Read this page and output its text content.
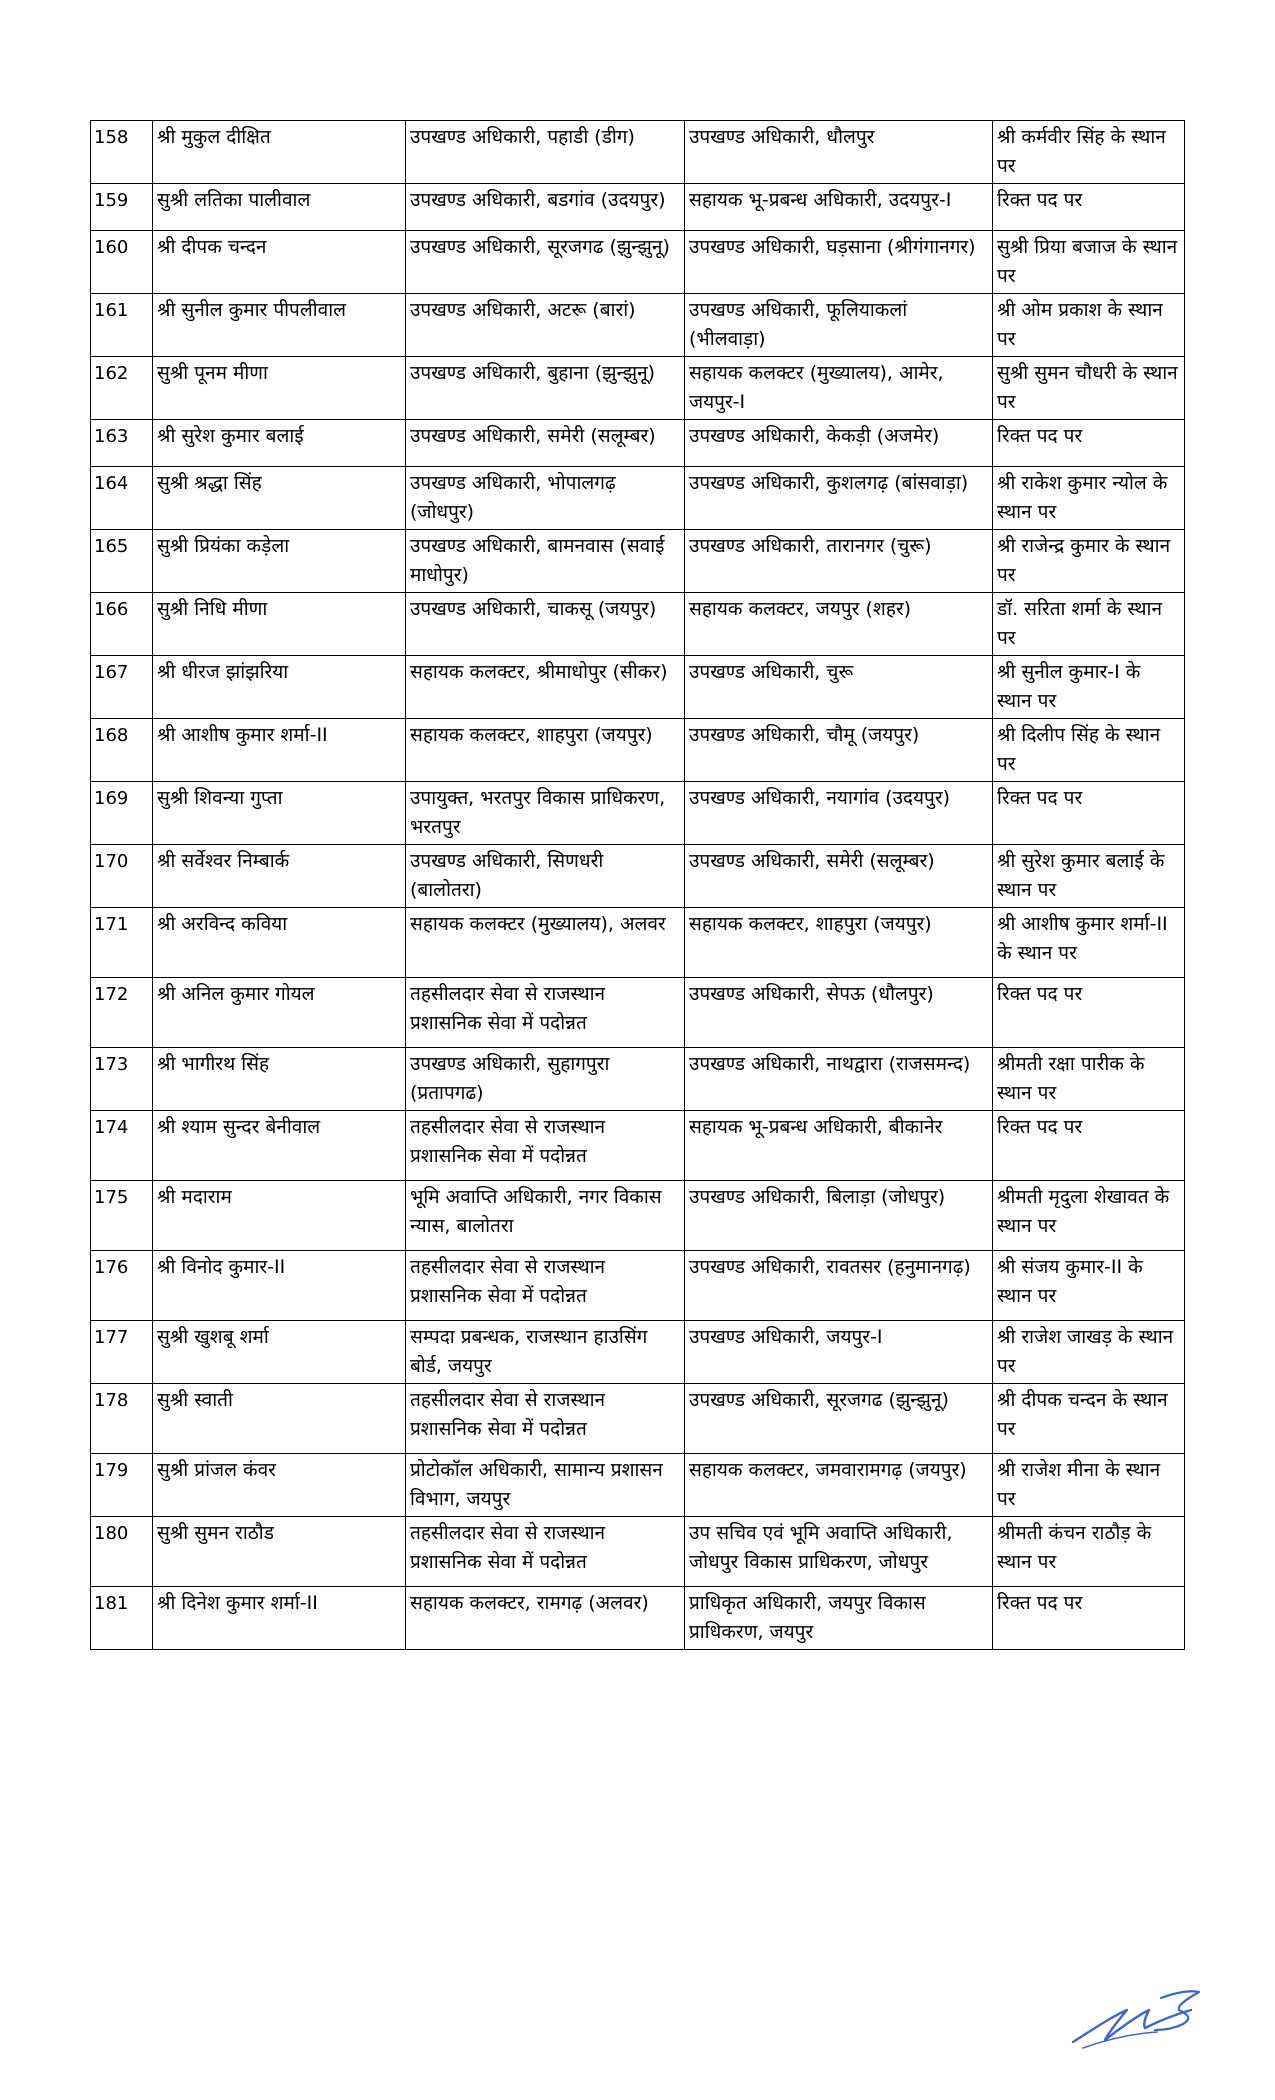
158	श्री मुकुल दीक्षित	उपखण्ड अधिकारी, पहाडी (डीग)	उपखण्ड अधिकारी, धौलपुर	श्री कर्मवीर सिंह के स्थान पर
159	सुश्री लतिका पालीवाल	उपखण्ड अधिकारी, बडगांव (उदयपुर)	सहायक भू-प्रबन्ध अधिकारी, उदयपुर-I	रिक्त पद पर
160	श्री दीपक चन्दन	उपखण्ड अधिकारी, सूरजगढ (झुन्झुनू)	उपखण्ड अधिकारी, घड़साना (श्रीगंगानगर)	सुश्री प्रिया बजाज के स्थान पर
161	श्री सुनील कुमार पीपलीवाल	उपखण्ड अधिकारी, अटरू (बारां)	उपखण्ड अधिकारी, फूलियाकलां (भीलवाड़ा)	श्री ओम प्रकाश के स्थान पर
162	सुश्री पूनम मीणा	उपखण्ड अधिकारी, बुहाना (झुन्झुनू)	सहायक कलक्टर (मुख्यालय), आमेर, जयपुर-I	सुश्री सुमन चौधरी के स्थान पर
163	श्री सुरेश कुमार बलाई	उपखण्ड अधिकारी, समेरी (सलूम्बर)	उपखण्ड अधिकारी, केकड़ी (अजमेर)	रिक्त पद पर
164	सुश्री श्रद्धा सिंह	उपखण्ड अधिकारी, भोपालगढ़ (जोधपुर)	उपखण्ड अधिकारी, कुशलगढ़ (बांसवाड़ा)	श्री राकेश कुमार न्योल के स्थान पर
165	सुश्री प्रियंका कड़ेला	उपखण्ड अधिकारी, बामनवास (सवाई माधोपुर)	उपखण्ड अधिकारी, तारानगर (चुरू)	श्री राजेन्द्र कुमार के स्थान पर
166	सुश्री निधि मीणा	उपखण्ड अधिकारी, चाकसू (जयपुर)	सहायक कलक्टर, जयपुर (शहर)	डॉ. सरिता शर्मा के स्थान पर
167	श्री धीरज झांझरिया	सहायक कलक्टर, श्रीमाधोपुर (सीकर)	उपखण्ड अधिकारी, चुरू	श्री सुनील कुमार-I के स्थान पर
168	श्री आशीष कुमार शर्मा-II	सहायक कलक्टर, शाहपुरा (जयपुर)	उपखण्ड अधिकारी, चौमू (जयपुर)	श्री दिलीप सिंह के स्थान पर
169	सुश्री शिवन्या गुप्ता	उपायुक्त, भरतपुर विकास प्राधिकरण, भरतपुर	उपखण्ड अधिकारी, नयागांव (उदयपुर)	रिक्त पद पर
170	श्री सर्वेश्वर निम्बार्क	उपखण्ड अधिकारी, सिणधरी (बालोतरा)	उपखण्ड अधिकारी, समेरी (सलूम्बर)	श्री सुरेश कुमार बलाई के स्थान पर
171	श्री अरविन्द कविया	सहायक कलक्टर (मुख्यालय), अलवर	सहायक कलक्टर, शाहपुरा (जयपुर)	श्री आशीष कुमार शर्मा-II के स्थान पर
172	श्री अनिल कुमार गोयल	तहसीलदार सेवा से राजस्थान प्रशासनिक सेवा में पदोन्नत	उपखण्ड अधिकारी, सेपऊ (धौलपुर)	रिक्त पद पर
173	श्री भागीरथ सिंह	उपखण्ड अधिकारी, सुहागपुरा (प्रतापगढ)	उपखण्ड अधिकारी, नाथद्वारा (राजसमन्द)	श्रीमती रक्षा पारीक के स्थान पर
174	श्री श्याम सुन्दर बेनीवाल	तहसीलदार सेवा से राजस्थान प्रशासनिक सेवा में पदोन्नत	सहायक भू-प्रबन्ध अधिकारी, बीकानेर	रिक्त पद पर
175	श्री मदाराम	भूमि अवाप्ति अधिकारी, नगर विकास न्यास, बालोतरा	उपखण्ड अधिकारी, बिलाड़ा (जोधपुर)	श्रीमती मृदुला शेखावत के स्थान पर
176	श्री विनोद कुमार-II	तहसीलदार सेवा से राजस्थान प्रशासनिक सेवा में पदोन्नत	उपखण्ड अधिकारी, रावतसर (हनुमानगढ़)	श्री संजय कुमार-II के स्थान पर
177	सुश्री खुशबू शर्मा	सम्पदा प्रबन्धक, राजस्थान हाउसिंग बोर्ड, जयपुर	उपखण्ड अधिकारी, जयपुर-I	श्री राजेश जाखड़ के स्थान पर
178	सुश्री स्वाती	तहसीलदार सेवा से राजस्थान प्रशासनिक सेवा में पदोन्नत	उपखण्ड अधिकारी, सूरजगढ (झुन्झुनू)	श्री दीपक चन्दन के स्थान पर
179	सुश्री प्रांजल कंवर	प्रोटोकॉल अधिकारी, सामान्य प्रशासन विभाग, जयपुर	सहायक कलक्टर, जमवारामगढ़ (जयपुर)	श्री राजेश मीना के स्थान पर
180	सुश्री सुमन राठौड	तहसीलदार सेवा से राजस्थान प्रशासनिक सेवा में पदोन्नत	उप सचिव एवं भूमि अवाप्ति अधिकारी, जोधपुर विकास प्राधिकरण, जोधपुर	श्रीमती कंचन राठौड़ के स्थान पर
181	श्री दिनेश कुमार शर्मा-II	सहायक कलक्टर, रामगढ़ (अलवर)	प्राधिकृत अधिकारी, जयपुर विकास प्राधिकरण, जयपुर	रिक्त पद पर
